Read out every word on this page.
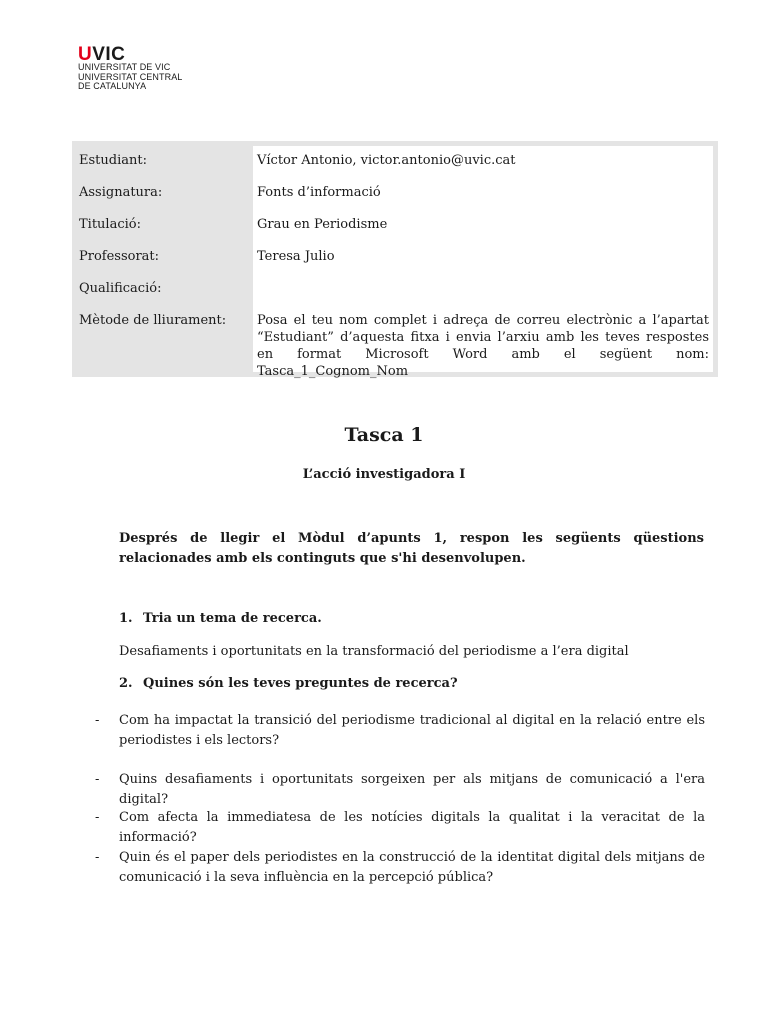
UVIC
UNIVERSITAT DE VIC
UNIVERSITAT CENTRAL
DE CATALUNYA
Estudiant:	Víctor Antonio, victor.antonio@uvic.cat
Assignatura:	Fonts d’informació
Titulació:	Grau en Periodisme
Professorat:	Teresa Julio
Qualificació:
Mètode de lliurament: Posa el teu nom complet i adreça de correu electrònic a l’apartat “Estudiant” d’aquesta fitxa i envia l’arxiu amb les teves respostes en format Microsoft Word amb el següent nom: Tasca_1_Cognom_Nom
Tasca 1
L’acció investigadora I
Després de llegir el Mòdul d’apunts 1, respon les següents qüestions relacionades amb els continguts que s'hi desenvolupen.
1. Tria un tema de recerca.
Desafiaments i oportunitats en la transformació del periodisme a l’era digital
2. Quines són les teves preguntes de recerca?
- Com ha impactat la transició del periodisme tradicional al digital en la relació entre els periodistes i els lectors?
- Quins desafiaments i oportunitats sorgeixen per als mitjans de comunicació a l'era digital?
- Com afecta la immediatesa de les notícies digitals la qualitat i la veracitat de la informació?
- Quin és el paper dels periodistes en la construcció de la identitat digital dels mitjans de comunicació i la seva influència en la percepció pública?
